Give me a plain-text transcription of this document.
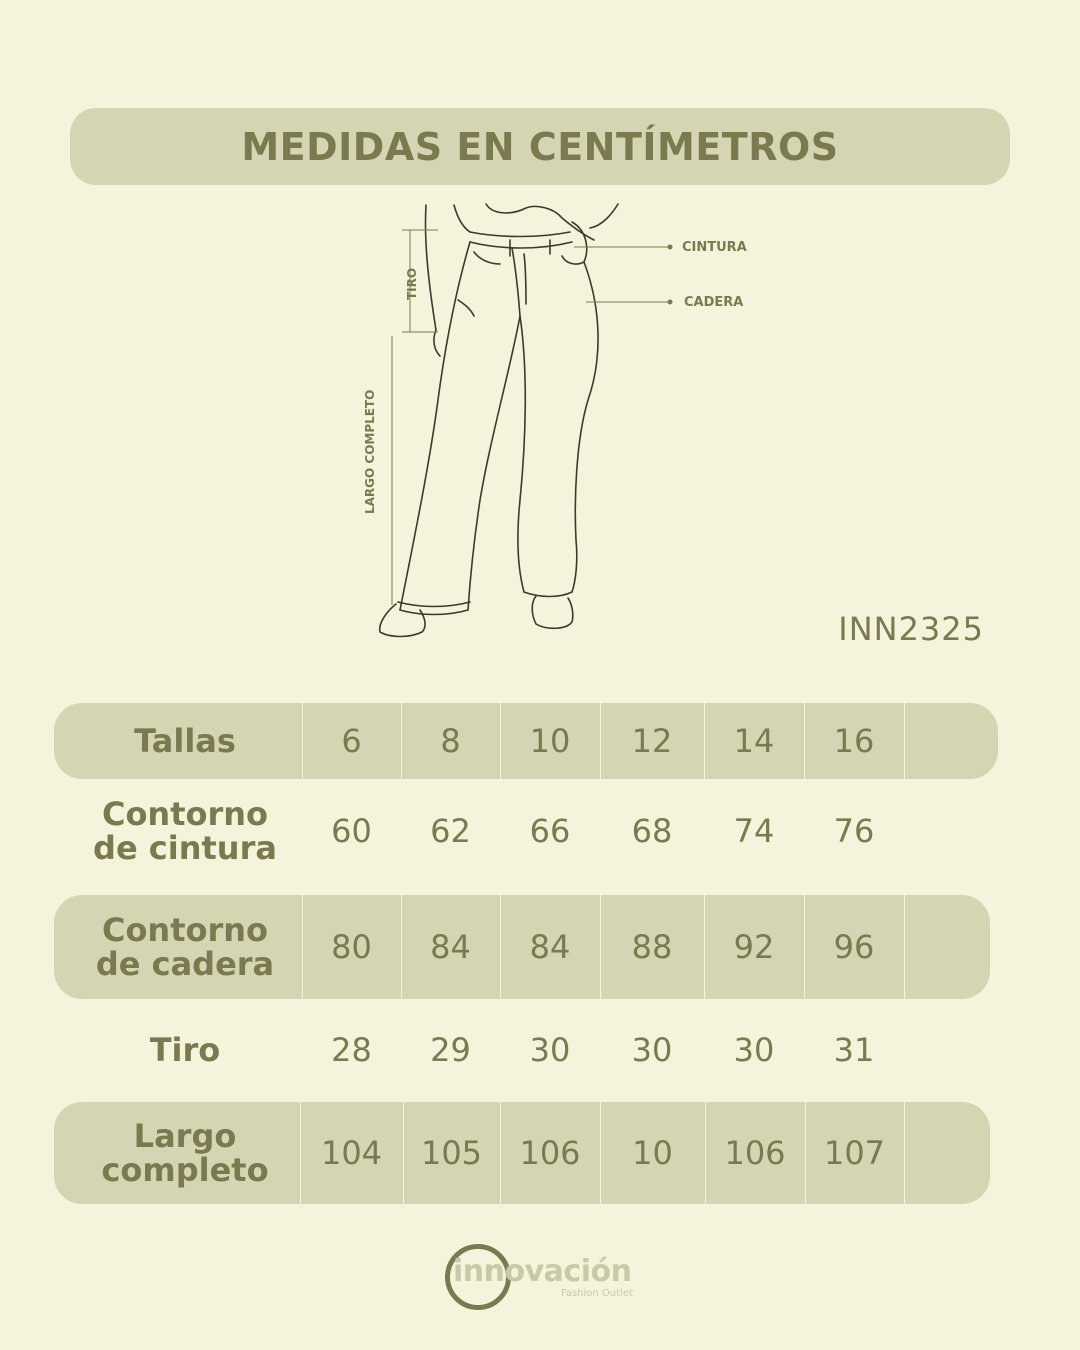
MEDIDAS EN CENTÍMETROS
CINTURA
CADERA
TIRO
LARGO COMPLETO
INN2325
Tallas	6	8	10	12	14	16
Contorno
de cintura	60	62	66	68	74	76
Contorno
de cadera	80	84	84	88	92	96
Tiro	28	29	30	30	30	31
Largo
completo	104	105	106	10	106	107
innovación
Fashion Outlet
